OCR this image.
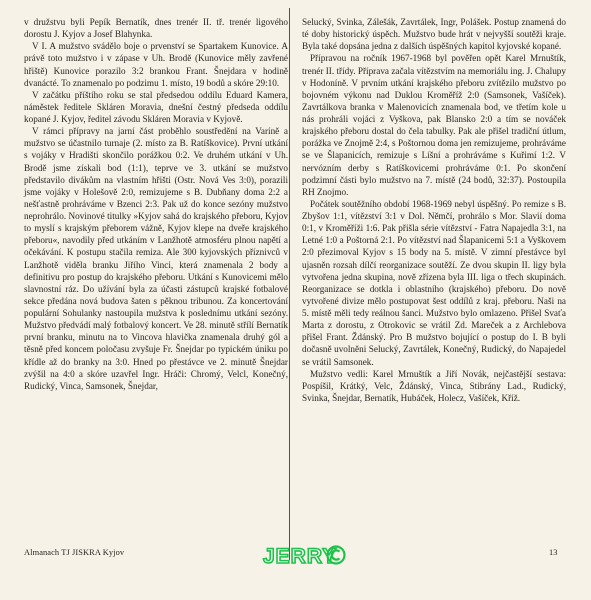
v družstvu byli Pepík Bernatík, dnes trenér II. tř. trenér ligového dorostu J. Kyjov a Josef Blahynka.

V I. A mužstvo svádělo boje o prvenství se Spartakem Kunovice. A právě toto mužstvo i v zápase v Uh. Brodě (Kunovice měly zavřené hřiště) Kunovice porazilo 3:2 brankou Frant. Šnejdara v hodině dvanácté. To znamenalo po podzimu 1. místo, 19 bodů a skóre 29:10.

V začátku příštího roku se stal předsedou oddílu Eduard Kamera, náměstek ředitele Skláren Moravia, dnešní čestný předseda oddílu kopané J. Kyjov, ředitel závodu Skláren Moravia v Kyjově.

V rámci přípravy na jarní část proběhlo soustředění na Varíně a mužstvo se účastnilo turnaje (2. místo za B. Ratíškovice). První utkání s vojáky v Hradišti skončilo porážkou 0:2. Ve druhém utkání v Uh. Brodě jsme získali bod (1:1), teprve ve 3. utkání se mužstvo představilo divákům na vlastním hřišti (Ostr. Nová Ves 3:0), porazili jsme vojáky v Holešově 2:0, remizujeme s B. Dubňany doma 2:2 a nešťastně prohráváme v Bzenci 2:3. Pak už do konce sezóny mužstvo neprohrálo. Novinové titulky »Kyjov sahá do krajského přeboru, Kyjov to myslí s krajským přeborem vážně, Kyjov klepe na dveře krajského přeboru«, navodily před utkáním v Lanžhotě atmosféru plnou napětí a očekávání. K postupu stačila remiza. Ale 300 kyjovských příznivců v Lanžhotě viděla branku Jiřího Vinci, která znamenala 2 body a definitivu pro postup do krajského přeboru. Utkání s Kunovicemi mělo slavnostní ráz. Do užívání byla za účasti zástupců krajské fotbalové sekce předána nová budova šaten s pěknou tribunou. Za koncertování populární Sohulanky nastoupila mužstva k poslednímu utkání sezóny. Mužstvo předvádí malý fotbalový koncert. Ve 28. minutě střílí Bernatík první branku, minutu na to Vincova hlavička znamenala druhý gól a těsně před koncem poločasu zvyšuje Fr. Šnejdar po typickém úniku po křídle až do branky na 3:0. Hned po přestávce ve 2. minutě Šnejdar zvýšil na 4:0 a skóre uzavřel Ingr. Hráči: Chromý, Velcl, Konečný, Rudický, Vinca, Samsonek, Šnejdar,

Selucký, Svinka, Zálešák, Zavrtálek, Ingr, Polášek. Postup znamená do té doby historický úspěch. Mužstvo bude hrát v nejvyšší soutěži kraje. Byla také dopsána jedna z dalších úspěšných kapitol kyjovské kopané.

Přípravou na ročník 1967-1968 byl pověřen opět Karel Mrnuštík, trenér II. třídy. Příprava začala vítězstvím na memoriálu ing. J. Chalupy v Hodoníně. V prvním utkání krajského přeboru zvítězilo mužstvo po bojovném výkonu nad Duklou Kroměříž 2:0 (Samsonek, Vašíček). Zavrtálkova branka v Malenovicích znamenala bod, ve třetím kole u nás prohráli vojáci z Vyškova, pak Blansko 2:0 a tím se nováček krajského přeboru dostal do čela tabulky. Pak ale přišel tradiční útlum, porážka ve Znojmě 2:4, s Poštornou doma jen remizujeme, prohráváme se ve Šlapanicích, remizuje s Líšní a prohráváme s Kuřimí 1:2. V nervózním derby s Ratíškovicemi prohráváme 0:1. Po skončení podzimní části bylo mužstvo na 7. místě (24 bodů, 32:37). Postoupila RH Znojmo.

Počátek soutěžního období 1968-1969 nebyl úspěšný. Po remize s B. Zbyšov 1:1, vítězství 3:1 v Dol. Němčí, prohrálo s Mor. Slavií doma 0:1, v Kroměříži 1:6. Pak přišla série vítězství - Fatra Napajedla 3:1, na Letné 1:0 a Poštorná 2:1. Po vítězství nad Šlapanicemi 5:1 a Vyškovem 2:0 přezimoval Kyjov s 15 body na 5. místě. V zimní přestávce byl ujasněn rozsah dílčí reorganizace soutěží. Ze dvou skupin II. ligy byla vytvořena jedna skupina, nově zřízena byla III. liga o třech skupinách. Reorganizace se dotkla i oblastního (krajského) přeboru. Do nově vytvořené divize mělo postupovat šest oddílů z kraj. přeboru. Naši na 5. místě měli tedy reálnou šanci. Mužstvo bylo omlazeno. Přišel Svaťa Marta z dorostu, z Otrokovic se vrátil Zd. Mareček a z Archlebova přišel Frant. Ždánský. Pro B mužstvo bojující o postup do I. B byli dočasně uvolněni Selucký, Zavrtálek, Konečný, Rudický, do Napajedel se vrátil Samsonek.

Mužstvo vedli: Karel Mrnuštík a Jiří Novák, nejčastější sestava: Pospíšil, Krátký, Velc, Ždánský, Vinca, Stibrány Lad., Rudický, Svinka, Šnejdar, Bernatík, Hubáček, Holecz, Vašíček, Kříž.

Almanach TJ JISKRA Kyjov	JERRY	13
